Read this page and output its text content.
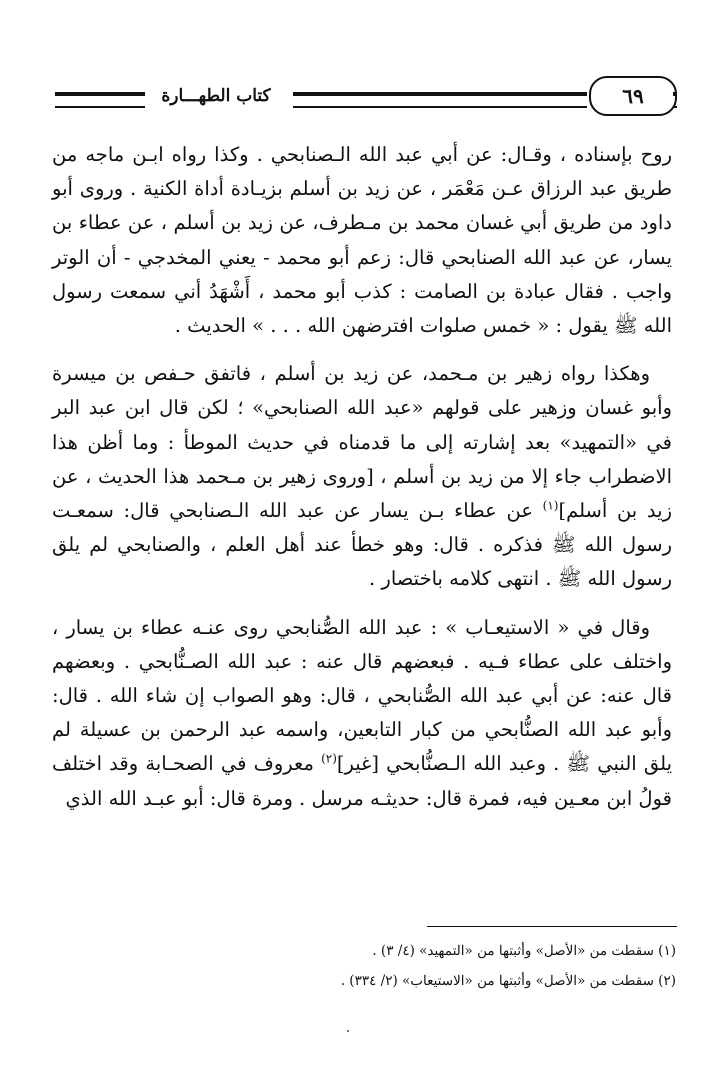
كتاب الطهـــارة	٦٩

روح بإسناده ، وقـال: عن أبي عبد الله الـصنابحي . وكذا رواه ابـن ماجه من طريق عبد الرزاق عـن مَعْمَر ، عن زيد بن أسلم بزيـادة أداة الكنية . وروى أبو داود من طريق أبي غسان محمد بن مـطرف، عن زيد بن أسلم ، عن عطاء بن يسار، عن عبد الله الصنابحي قال: زعم أبو محمد - يعني المخدجي - أن الوتر واجب . فقال عبادة بن الصامت : كذب أبو محمد ، أَشْهَدُ أني سمعت رسول الله ﷺ يقول : « خمس صلوات افترضهن الله . . . » الحديث .

وهكذا رواه زهير بن مـحمد، عن زيد بن أسلم ، فاتفق حـفص بن ميسرة وأبو غسان وزهير على قولهم «عبد الله الصنابحي» ؛ لكن قال ابن عبد البر في «التمهيد» بعد إشارته إلى ما قدمناه في حديث الموطأ : وما أظن هذا الاضطراب جاء إلا من زيد بن أسلم ، [وروى زهير بن مـحمد هذا الحديث ، عن زيد بن أسلم]$^{(١)}$ عن عطاء بـن يسار عن عبد الله الـصنابحي قال: سمعـت رسول الله ﷺ فذكره . قال: وهو خطأ عند أهل العلم ، والصنابحي لم يلق رسول الله ﷺ . انتهى كلامه باختصار .

وقال في « الاستيعـاب » : عبد الله الصُّنابحي روى عنـه عطاء بن يسار ، واختلف على عطاء فـيه . فبعضهم قال عنه : عبد الله الصـنُّابحي . وبعضهم قال عنه: عن أبي عبد الله الصُّنابحي ، قال: وهو الصواب إن شاء الله . قال: وأبو عبد الله الصنُّابحي من كبار التابعين، واسمه عبد الرحمن بن عسيلة لم يلق النبي ﷺ . وعبد الله الـصنُّابحي [غير]$^{(٢)}$ معروف في الصحـابة وقد اختلف قولُ ابن معـين فيه، فمرة قال: حديثـه مرسل . ومرة قال: أبو عبـد الله الذي

(١) سقطت من «الأصل» وأثبتها من «التمهيد» (٤/ ٣) .

(٢) سقطت من «الأصل» وأثبتها من «الاستيعاب» (٢/ ٣٣٤) .
